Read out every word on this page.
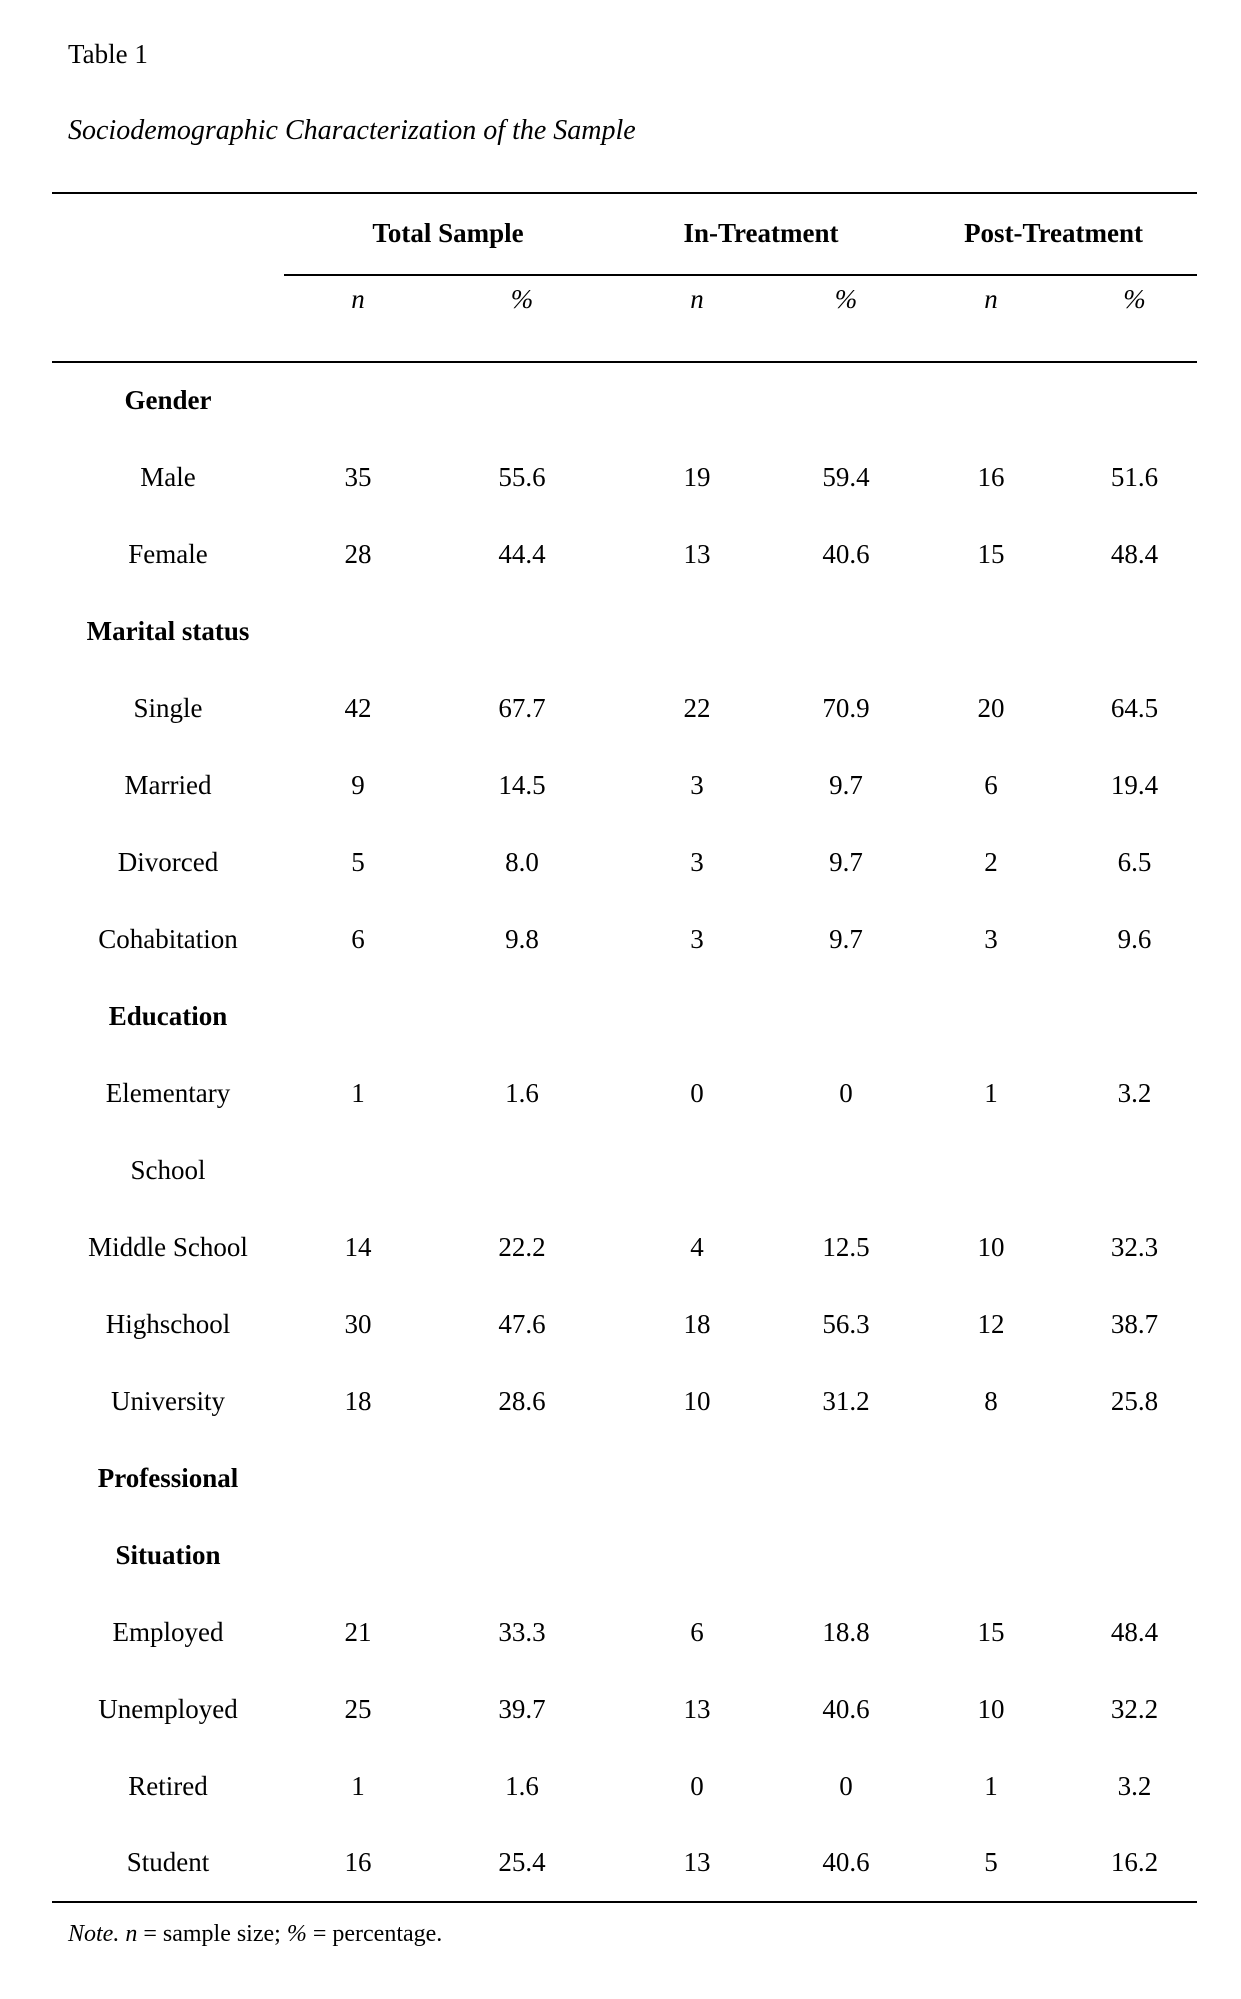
Table 1
Sociodemographic Characterization of the Sample
	Total Sample		In-Treatment		Post-Treatment	
	n	%	n	%	n	%
Gender						
Male	35	55.6	19	59.4	16	51.6
Female	28	44.4	13	40.6	15	48.4
Marital status						
Single	42	67.7	22	70.9	20	64.5
Married	9	14.5	3	9.7	6	19.4
Divorced	5	8.0	3	9.7	2	6.5
Cohabitation	6	9.8	3	9.7	3	9.6
Education						
Elementary	1	1.6	0	0	1	3.2
School						
Middle School	14	22.2	4	12.5	10	32.3
Highschool	30	47.6	18	56.3	12	38.7
University	18	28.6	10	31.2	8	25.8
Professional						
Situation						
Employed	21	33.3	6	18.8	15	48.4
Unemployed	25	39.7	13	40.6	10	32.2
Retired	1	1.6	0	0	1	3.2
Student	16	25.4	13	40.6	5	16.2
Note. n = sample size; % = percentage.
